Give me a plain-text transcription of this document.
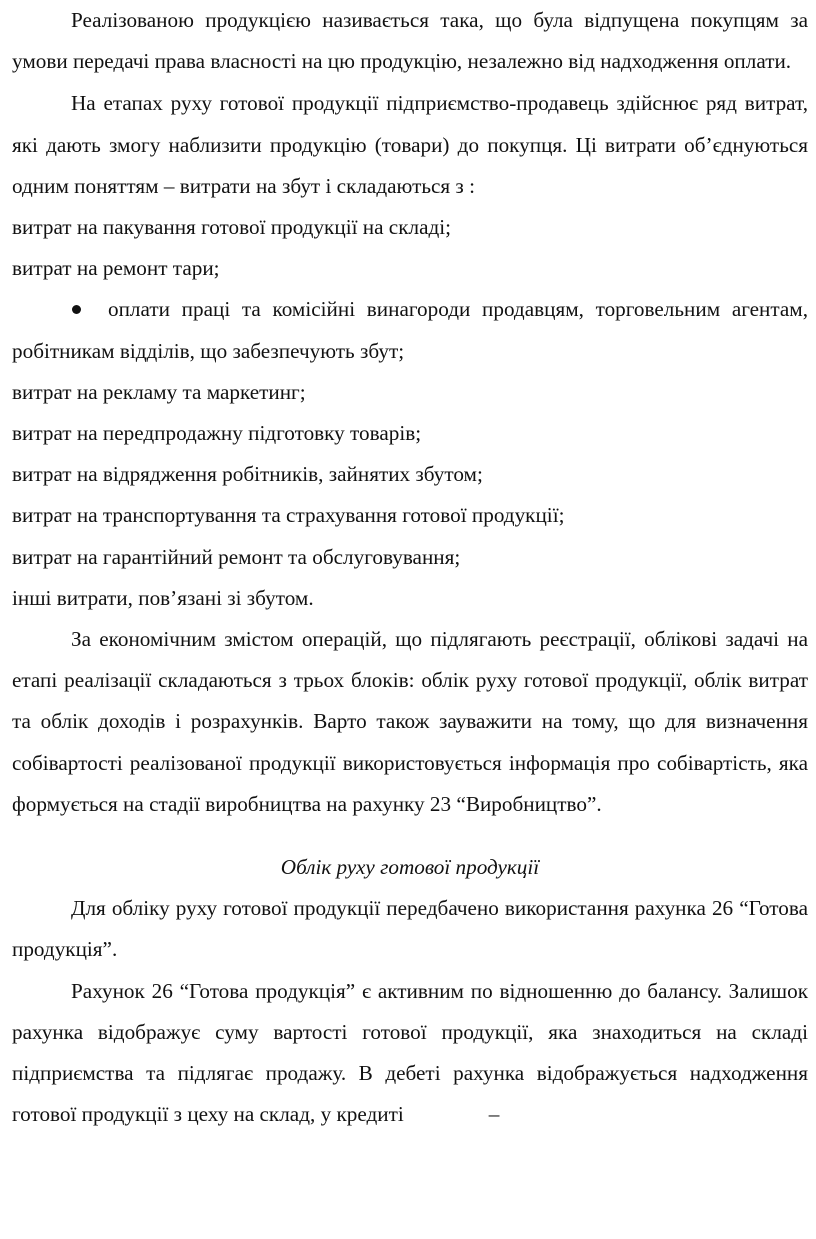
Реалізованою продукцією називається така, що була відпущена покупцям за умови передачі права власності на цю продукцію, незалежно від надходження оплати.

На етапах руху готової продукції підприємство-продавець здійснює ряд витрат, які дають змогу наблизити продукцію (товари) до покупця. Ці витрати об’єднуються одним поняттям – витрати на збут і складаються з :

витрат на пакування готової продукції на складі;
витрат на ремонт тари;
оплати праці та комісійні винагороди продавцям, торговельним агентам, робітникам відділів, що забезпечують збут;
витрат на рекламу та маркетинг;
витрат на передпродажну підготовку товарів;
витрат на відрядження робітників, зайнятих збутом;
витрат на транспортування та страхування готової продукції;
витрат на гарантійний ремонт та обслуговування;
інші витрати, пов’язані зі збутом.

За економічним змістом операцій, що підлягають реєстрації, облікові задачі на етапі реалізації складаються з трьох блоків: облік руху готової продукції, облік витрат та облік доходів і розрахунків. Варто також зауважити на тому, що для визначення собівартості реалізованої продукції використовується інформація про собівартість, яка формується на стадії виробництва на рахунку 23 “Виробництво”.

Облік руху готової продукції

Для обліку руху готової продукції передбачено використання рахунка 26 “Готова продукція”.

Рахунок 26 “Готова продукція” є активним по відношенню до балансу. Залишок рахунка відображує суму вартості готової продукції, яка знаходиться на складі підприємства та підлягає продажу. В дебеті рахунка відображується надходження готової продукції з цеху на склад, у кредиті	–
